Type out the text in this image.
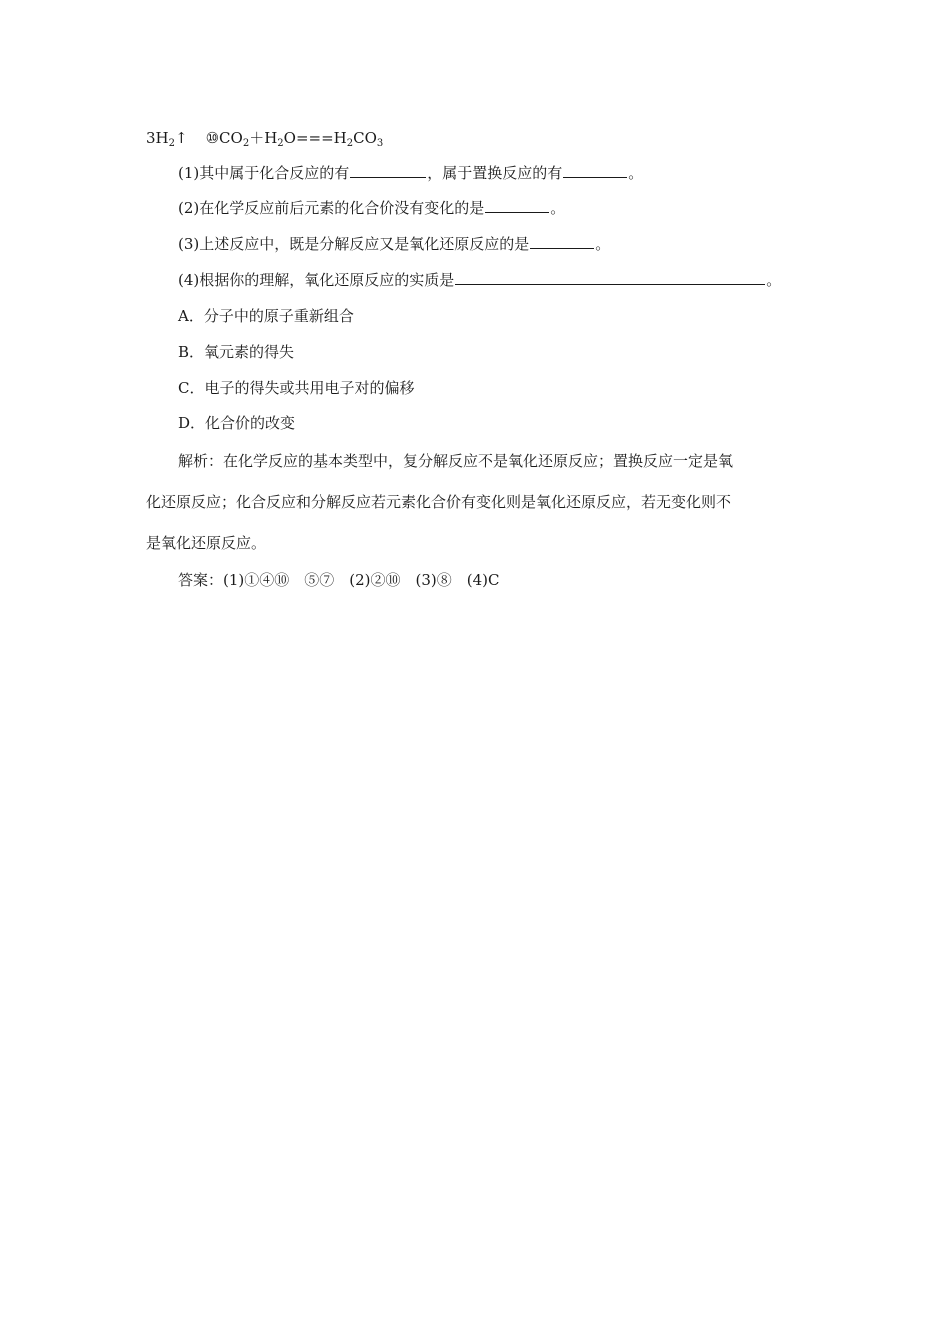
$3H_2↑$ $⑩CO_2+H_2O===H_2CO_3$
(1)其中属于化合反应的有	，属于置换反应的有	。
(2)在化学反应前后元素的化合价没有变化的是	。
(3)上述反应中，既是分解反应又是氧化还原反应的是	。
(4)根据你的理解，氧化还原反应的实质是	。
A．分子中的原子重新组合
B．氧元素的得失
C．电子的得失或共用电子对的偏移
D．化合价的改变
解析：在化学反应的基本类型中，复分解反应不是氧化还原反应；置换反应一定是氧
化还原反应；化合反应和分解反应若元素化合价有变化则是氧化还原反应，若无变化则不
是氧化还原反应。
答案：(1)①④⑩　⑤⑦　(2)②⑩　(3)⑧　(4)C
